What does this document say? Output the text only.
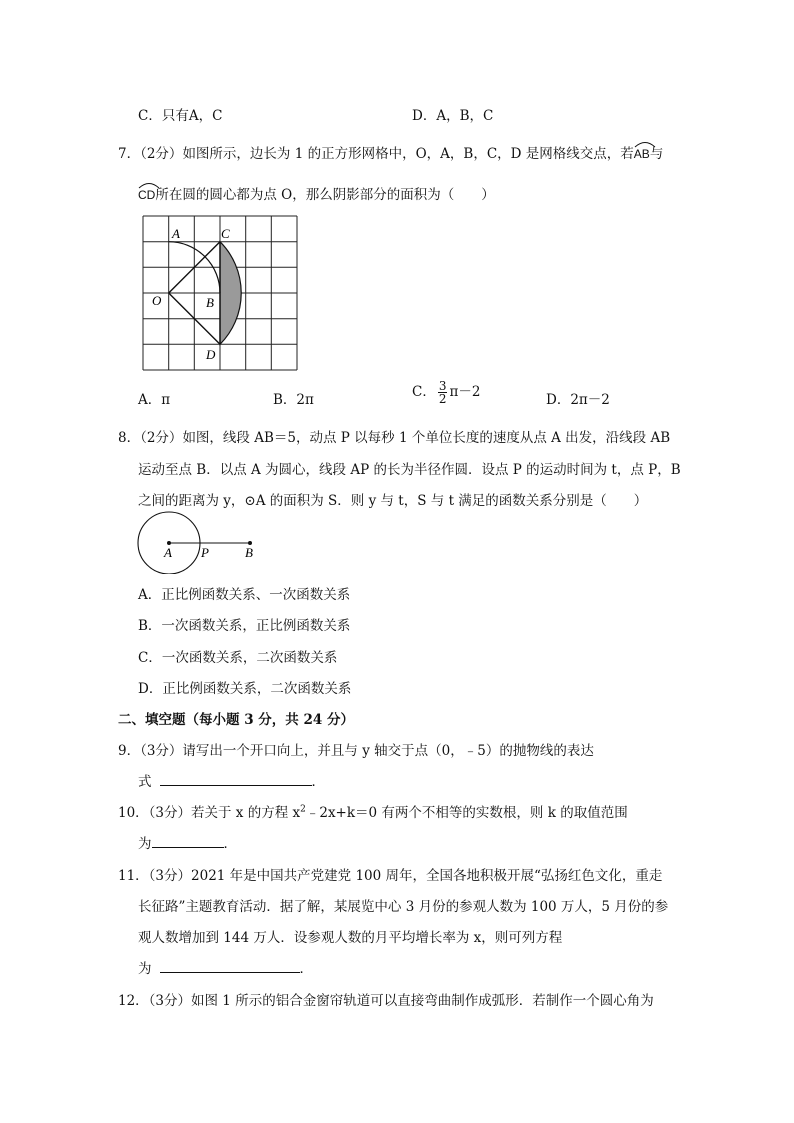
C．只有A，C	D．A，B，C
7．（2分）如图所示，边长为 1 的正方形网格中，O，A，B，C，D 是网格线交点，若
AB与
CD所在圆的圆心都为点 O，那么阴影部分的面积为（　　）
A	C
O	B
D
A．π	B．2π	C． $\frac{3}{2} \pi-2$	D．2π－2
8．（2分）如图，线段 AB＝5，动点 P 以每秒 1 个单位长度的速度从点 A 出发，沿线段 AB
运动至点 B．以点 A 为圆心，线段 AP 的长为半径作圆．设点 P 的运动时间为 t，点 P，B
之间的距离为 y，⊙A 的面积为 S．则 y 与 t，S 与 t 满足的函数关系分别是（　　）
A P	B
A．正比例函数关系、一次函数关系
B．一次函数关系，正比例函数关系
C．一次函数关系，二次函数关系
D．正比例函数关系，二次函数关系
二、填空题（每小题 3 分，共 24 分）
9．（3分）请写出一个开口向上，并且与 y 轴交于点（0，﹣5）的抛物线的表达
式	．
10．（3分）若关于 x 的方程 $x^2﹣2x+k=0$ 有两个不相等的实数根，则 k 的取值范围
为	．
11．（3分）2021 年是中国共产党建党 100 周年，全国各地积极开展“弘扬红色文化，重走
长征路”主题教育活动．据了解，某展览中心 3 月份的参观人数为 100 万人，5 月份的参
观人数增加到 144 万人．设参观人数的月平均增长率为 x，则可列方程
为	．
12．（3分）如图 1 所示的铝合金窗帘轨道可以直接弯曲制作成弧形．若制作一个圆心角为
